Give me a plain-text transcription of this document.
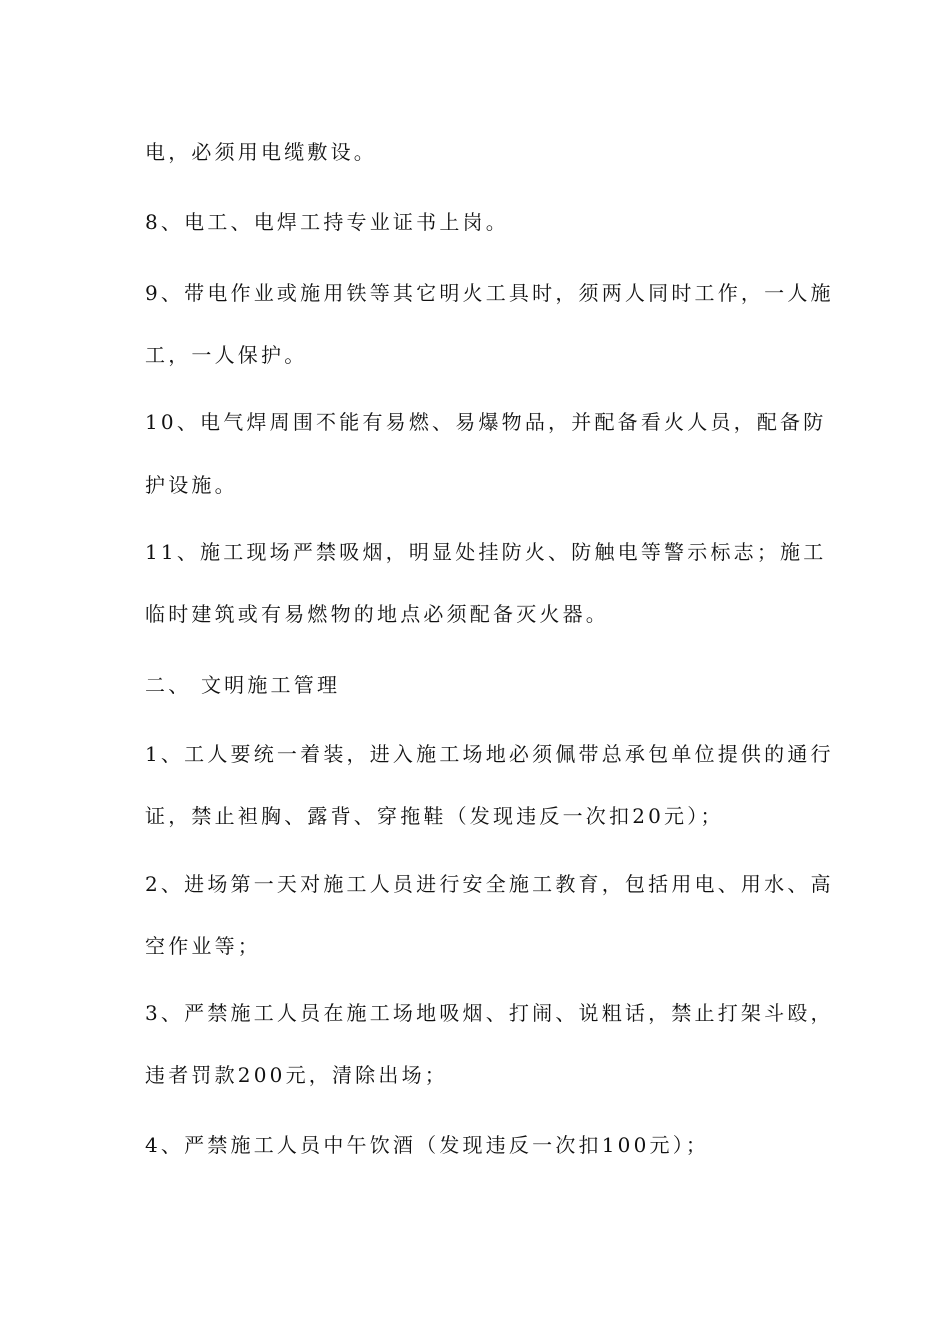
电，必须用电缆敷设。
8、电工、电焊工持专业证书上岗。
9、带电作业或施用铁等其它明火工具时，须两人同时工作，一人施
工，一人保护。
10、电气焊周围不能有易燃、易爆物品，并配备看火人员，配备防
护设施。
11、施工现场严禁吸烟，明显处挂防火、防触电等警示标志；施工
临时建筑或有易燃物的地点必须配备灭火器。
二、 文明施工管理
1、工人要统一着装，进入施工场地必须佩带总承包单位提供的通行
证，禁止袒胸、露背、穿拖鞋（发现违反一次扣20元）；
2、进场第一天对施工人员进行安全施工教育，包括用电、用水、高
空作业等；
3、严禁施工人员在施工场地吸烟、打闹、说粗话，禁止打架斗殴，
违者罚款200元，清除出场；
4、严禁施工人员中午饮酒（发现违反一次扣100元）；
